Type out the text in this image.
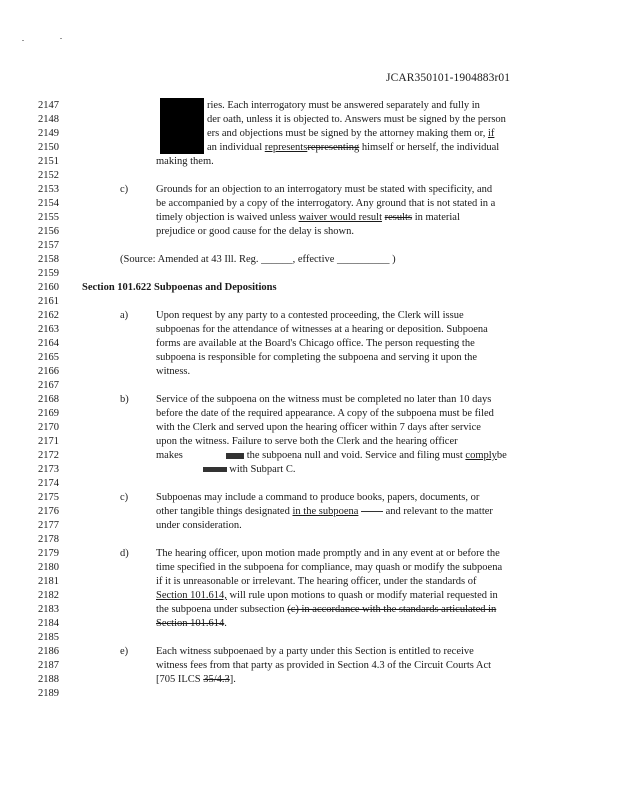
JCAR350101-1904883r01
2147
2148
2149
2150
2151
2152
2153
2154
2155
2156
2157
2158
2159
2160
2161
2162
2163
2164
2165
2166
2167
2168
2169
2170
2171
2172
2173
2174
2175
2176
2177
2178
2179
2180
2181
2182
2183
2184
2185
2186
2187
2188
2189
ries. Each interrogatory must be answered separately and fully in
der oath, unless it is objected to. Answers must be signed by the person
ers and objections must be signed by the attorney making them or, if
an individual representsrepresenting himself or herself, the individual
making them.
c)	Grounds for an objection to an interrogatory must be stated with specificity, and
be accompanied by a copy of the interrogatory. Any ground that is not stated in a
timely objection is waived unless waiver would result results in material
prejudice or good cause for the delay is shown.
(Source: Amended at 43 Ill. Reg. ______, effective __________ )
Section 101.622 Subpoenas and Depositions
a)	Upon request by any party to a contested proceeding, the Clerk will issue
subpoenas for the attendance of witnesses at a hearing or deposition. Subpoena
forms are available at the Board's Chicago office. The person requesting the
subpoena is responsible for completing the subpoena and serving it upon the
witness.
b)	Service of the subpoena on the witness must be completed no later than 10 days
before the date of the required appearance. A copy of the subpoena must be filed
with the Clerk and served upon the hearing officer within 7 days after service
upon the witness. Failure to serve both the Clerk and the hearing officer
makes	the subpoena null and void. Service and filing must complybe
with Subpart C.
c)	Subpoenas may include a command to produce books, papers, documents, or
other tangible things designated in the subpoena	and relevant to the matter
under consideration.
d)	The hearing officer, upon motion made promptly and in any event at or before the
time specified in the subpoena for compliance, may quash or modify the subpoena
if it is unreasonable or irrelevant. The hearing officer, under the standards of
Section 101.614, will rule upon motions to quash or modify material requested in
the subpoena under subsection (c) in accordance with the standards articulated in
Section 101.614.
e)	Each witness subpoenaed by a party under this Section is entitled to receive
witness fees from that party as provided in Section 4.3 of the Circuit Courts Act
[705 ILCS 35/4.3].
